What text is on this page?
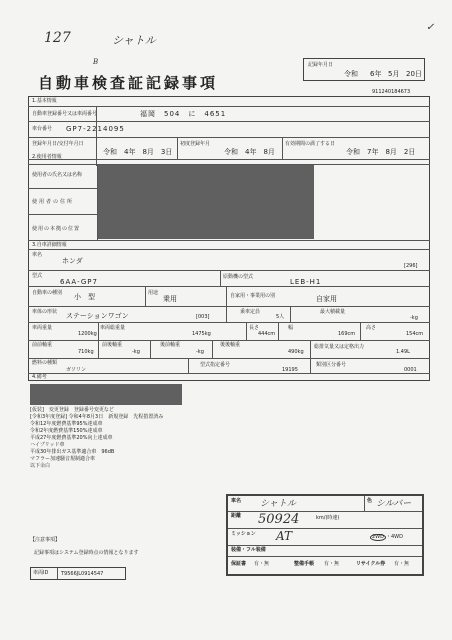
127	シャトル
B
✓
自動車検査証記録事項
記録年月日
令和 6年 5月 20日
911240184673
1.基本情報
自動車登録番号又は車両番号	福岡　504　に　4651
車台番号 GP7-2214095
登録年月日/交付年月日
令和　4年　8月　3日
初度登録年月
令和　4年　8月
有効期間の満了する日
令和　7年　8月　2日
2.使用者情報
使用者の氏名又は名称
使用者の住所
使用の本拠の位置
3.自車詳細情報
車名
ホンダ
[296]
型式
6AA-GP7
原動機の型式
LEB-H1
自動車の種別 小　型	用途
乗用	自家用・事業用の別	自家用
車体の形状 ステーションワゴン	[003]
乗車定員
5人
最大積載量
-kg
車両重量
1200kg
車両総重量
1475kg
長さ
444cm
幅
169cm
高さ
154cm
前前軸重
710kg
前後軸重
-kg
後前軸重
-kg
後後軸重
490kg
総排気量又は定格出力
1.49L
燃料の種類
ガソリン
型式指定番号
19195
類別区分番号
0001
4.備考
[仮装]　変更登録　登録番号変更など
[令和3年度登録] 令和4年8月3日　新規登録　先程措置済み
令和12年度燃費基準95%達成車
令和2年度燃費基準150%達成車
平成27年度燃費基準20%向上達成車
ハイブリッド車
平成30年排出ガス基準適合車　96dB
マフラー加速騒音規制適合車
以下余白
車名 シャトル	色 シルバー
距離 50924	km/(時速)
ミッション AT	2WD ・4WD
装備・フル装備
保証書 有・無	整備手帳 有・無	リサイクル券 有・無
【注意事項】
記録事項はシステム登録時点の情報となります
車両ID	T9566JL0914547
